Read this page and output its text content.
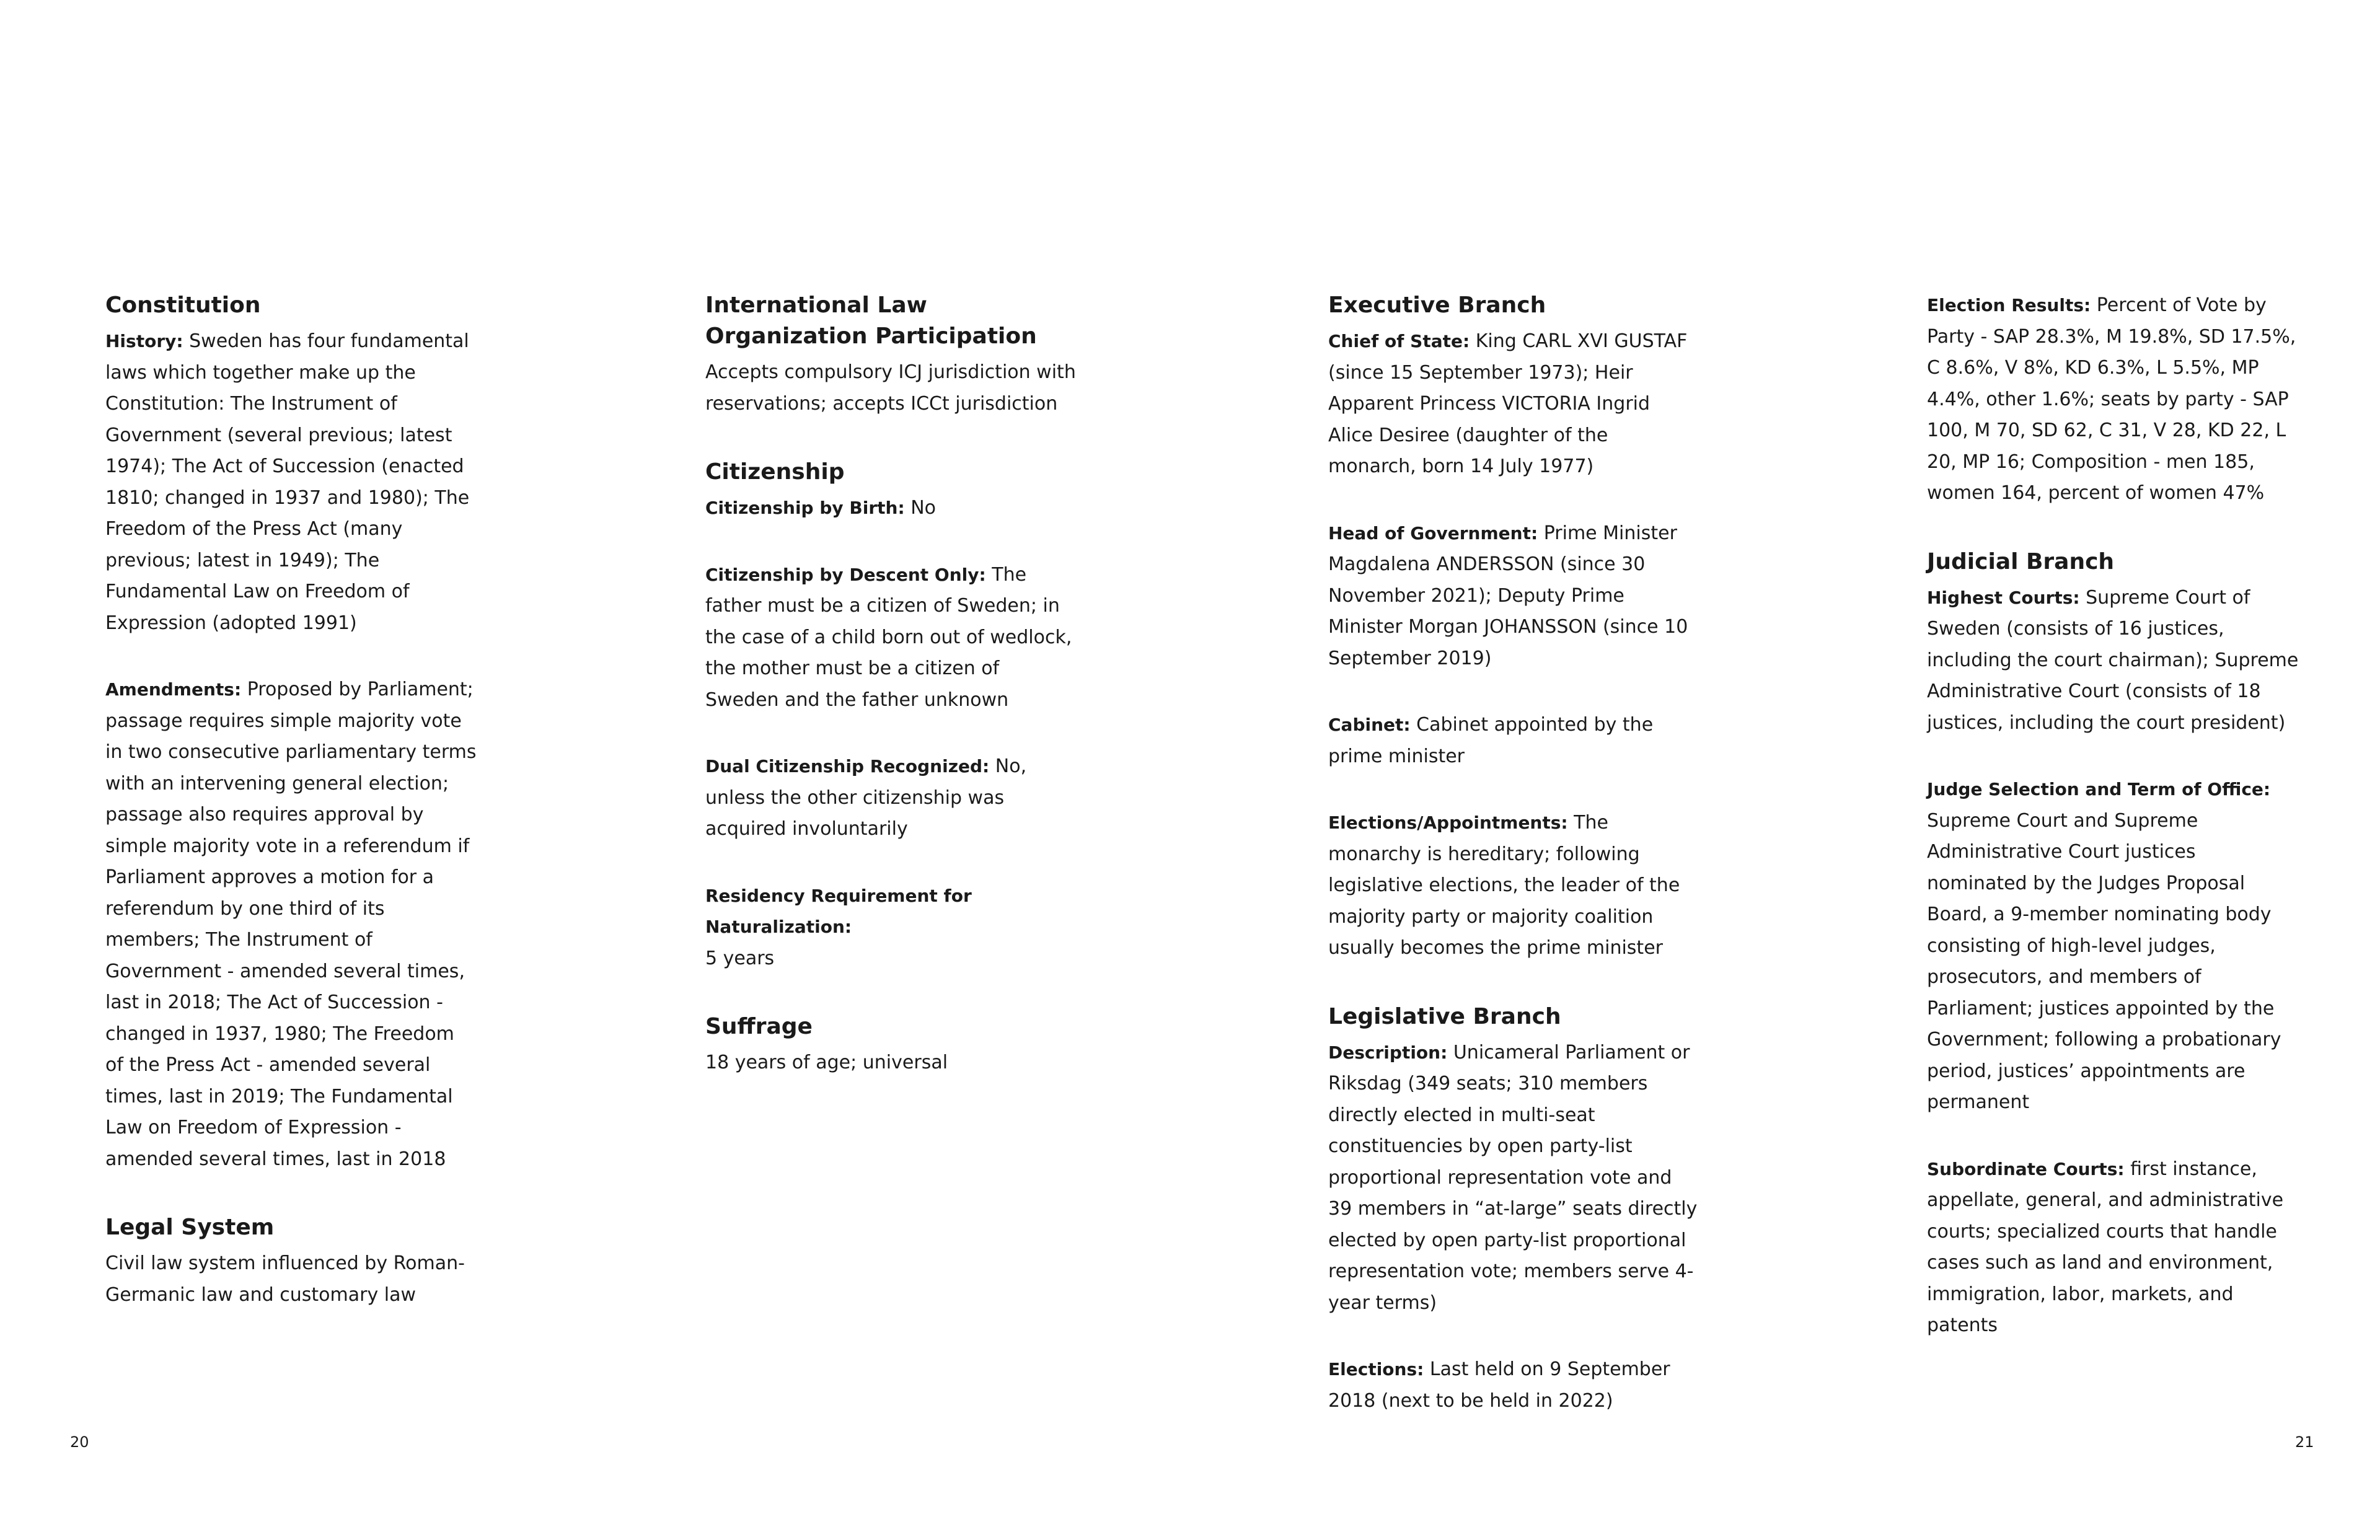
Constitution

History: Sweden has four fundamental laws which together make up the Constitution: The Instrument of Government (several previous; latest 1974); The Act of Succession (enacted 1810; changed in 1937 and 1980); The Freedom of the Press Act (many previous; latest in 1949); The Fundamental Law on Freedom of Expression (adopted 1991)

Amendments: Proposed by Parliament; passage requires simple majority vote in two consecutive parliamentary terms with an intervening general election; passage also requires approval by simple majority vote in a referendum if Parliament approves a motion for a referendum by one third of its members; The Instrument of Government - amended several times, last in 2018; The Act of Succession - changed in 1937, 1980; The Freedom of the Press Act - amended several times, last in 2019; The Fundamental Law on Freedom of Expression - amended several times, last in 2018

Legal System

Civil law system influenced by Roman-Germanic law and customary law

International Law Organization Participation

Accepts compulsory ICJ jurisdiction with reservations; accepts ICCt jurisdiction

Citizenship

Citizenship by Birth: No

Citizenship by Descent Only: The father must be a citizen of Sweden; in the case of a child born out of wedlock, the mother must be a citizen of Sweden and the father unknown

Dual Citizenship Recognized: No, unless the other citizenship was acquired involuntarily

Residency Requirement for Naturalization:
5 years

Suffrage

18 years of age; universal

Executive Branch

Chief of State: King CARL XVI GUSTAF (since 15 September 1973); Heir Apparent Princess VICTORIA Ingrid Alice Desiree (daughter of the monarch, born 14 July 1977)

Head of Government: Prime Minister Magdalena ANDERSSON (since 30 November 2021); Deputy Prime Minister Morgan JOHANSSON (since 10 September 2019)

Cabinet: Cabinet appointed by the prime minister

Elections/Appointments: The monarchy is hereditary; following legislative elections, the leader of the majority party or majority coalition usually becomes the prime minister

Legislative Branch

Description: Unicameral Parliament or Riksdag (349 seats; 310 members directly elected in multi-seat constituencies by open party-list proportional representation vote and 39 members in “at-large” seats directly elected by open party-list proportional representation vote; members serve 4-year terms)

Elections: Last held on 9 September 2018 (next to be held in 2022)

Election Results: Percent of Vote by Party - SAP 28.3%, M 19.8%, SD 17.5%, C 8.6%, V 8%, KD 6.3%, L 5.5%, MP 4.4%, other 1.6%; seats by party - SAP 100, M 70, SD 62, C 31, V 28, KD 22, L 20, MP 16; Composition - men 185, women 164, percent of women 47%

Judicial Branch

Highest Courts: Supreme Court of Sweden (consists of 16 justices, including the court chairman); Supreme Administrative Court (consists of 18 justices, including the court president)

Judge Selection and Term of Office: Supreme Court and Supreme Administrative Court justices nominated by the Judges Proposal Board, a 9-member nominating body consisting of high-level judges, prosecutors, and members of Parliament; justices appointed by the Government; following a probationary period, justices’ appointments are permanent

Subordinate Courts: first instance, appellate, general, and administrative courts; specialized courts that handle cases such as land and environment, immigration, labor, markets, and patents

20	21
